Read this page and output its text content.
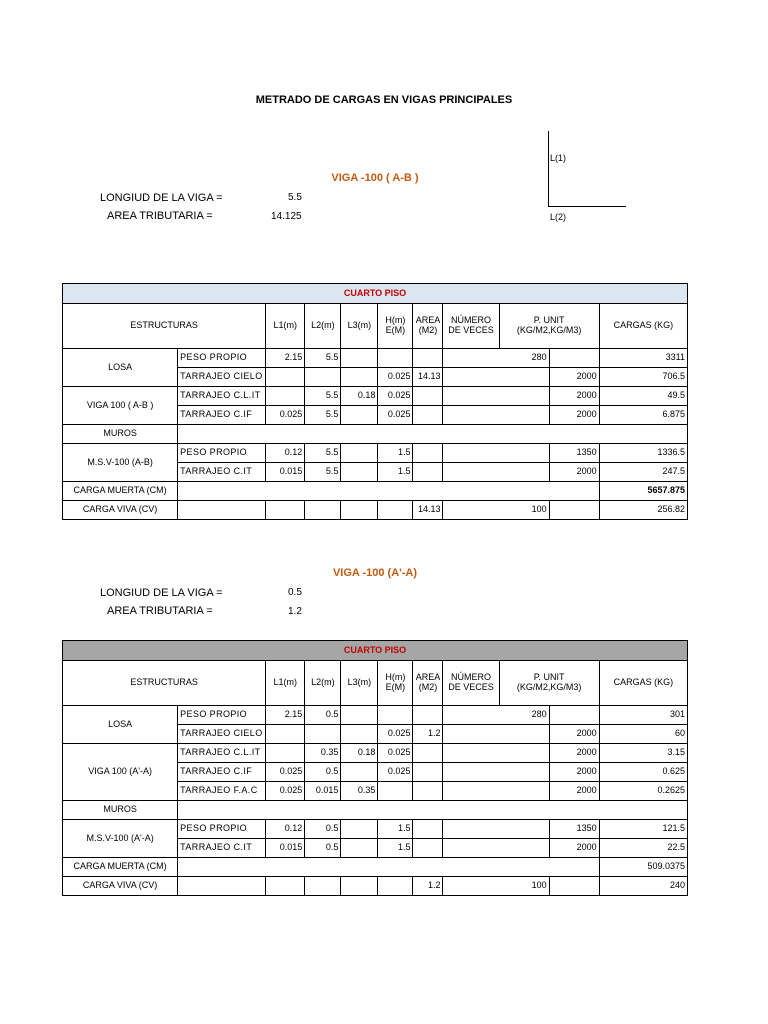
METRADO DE CARGAS EN VIGAS PRINCIPALES
L(1)
L(2)
VIGA -100 ( A-B )
LONGIUD DE LA VIGA =	5.5
AREA TRIBUTARIA =	14.125
CUARTO PISO										
ESTRUCTURAS		L1(m)	L2(m)	L3(m)	H(m) E(M)	AREA (M2)	NÚMERO DE VECES	P. UNIT (KG/M2,KG/M3)		CARGAS (KG)
LOSA	PESO PROPIO	2.15	5.5				280			3311
	TARRAJEO CIELO				0.025	14.13			2000	706.5
VIGA 100 ( A-B )	TARRAJEO C.L.IT		5.5	0.18	0.025				2000	49.5
	TARRAJEO C.IF	0.025	5.5		0.025				2000	6.875
MUROS										
M.S.V-100 (A-B)	PESO PROPIO	0.12	5.5		1.5				1350	1336.5
	TARRAJEO C.IT	0.015	5.5		1.5				2000	247.5
CARGA MUERTA (CM)										5657.875
CARGA VIVA (CV)						14.13	100			256.82
VIGA -100 (A'-A)
LONGIUD DE LA VIGA =	0.5
AREA TRIBUTARIA =	1.2
CUARTO PISO										
ESTRUCTURAS		L1(m)	L2(m)	L3(m)	H(m) E(M)	AREA (M2)	NÚMERO DE VECES	P. UNIT (KG/M2,KG/M3)		CARGAS (KG)
LOSA	PESO PROPIO	2.15	0.5				280			301
	TARRAJEO CIELO				0.025	1.2			2000	60
VIGA 100 (A'-A)	TARRAJEO C.L.IT		0.35	0.18	0.025				2000	3.15
	TARRAJEO C.IF	0.025	0.5		0.025				2000	0.625
	TARRAJEO F.A.C	0.025	0.015	0.35					2000	0.2625
MUROS										
M.S.V-100 (A'-A)	PESO PROPIO	0.12	0.5		1.5				1350	121.5
	TARRAJEO C.IT	0.015	0.5		1.5				2000	22.5
CARGA MUERTA (CM)										509.0375
CARGA VIVA (CV)						1.2	100			240
